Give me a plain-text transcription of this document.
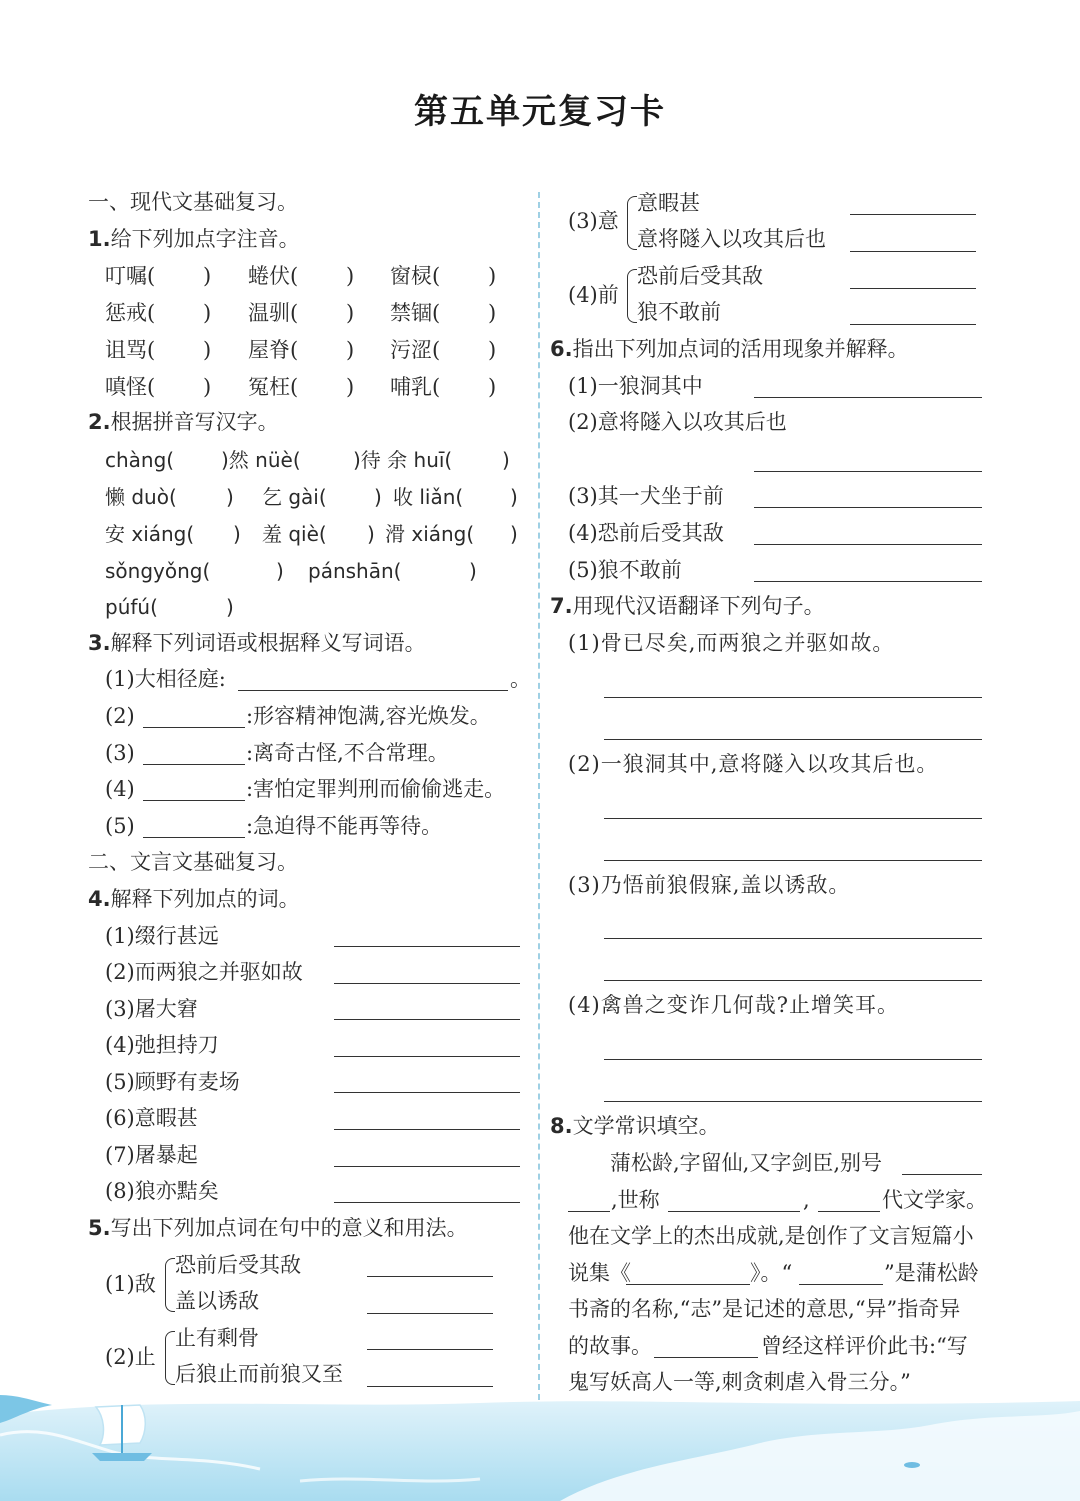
第五单元复习卡
一、现代文基础复习。
1.给下列加点字注音。
叮嘱( ) 蜷伏( ) 窗棂( )
惩戒( ) 温驯( ) 禁锢( )
诅骂( ) 屋脊( ) 污涩( )
嗔怪( ) 冤枉( ) 哺乳( )
2.根据拼音写汉字。
chàng( )然 nüè(	)待 余 huī( )
懒 duò( ) 乞 gài( ) 收 liǎn( )
安 xiáng( ) 羞 qiè( ) 滑 xiáng( )
sǒngyǒng(	) pánshān(	)
púfú(	)
3.解释下列词语或根据释义写词语。
(1)大相径庭:	。
(2)	:形容精神饱满,容光焕发。
(3)	:离奇古怪,不合常理。
(4)	:害怕定罪判刑而偷偷逃走。
(5)	:急迫得不能再等待。
二、文言文基础复习。
4.解释下列加点的词。
(1)缀行甚远
(2)而两狼之并驱如故
(3)屠大窘
(4)弛担持刀
(5)顾野有麦场
(6)意暇甚
(7)屠暴起
(8)狼亦黠矣
5.写出下列加点词在句中的意义和用法。
(1)敌
恐前后受其敌
盖以诱敌
(2)止
止有剩骨
后狼止而前狼又至
(3)意
意暇甚
意将隧入以攻其后也
(4)前
恐前后受其敌
狼不敢前
6.指出下列加点词的活用现象并解释。
(1)一狼洞其中
(2)意将隧入以攻其后也
(3)其一犬坐于前
(4)恐前后受其敌
(5)狼不敢前
7.用现代汉语翻译下列句子。
(1)骨已尽矣,而两狼之并驱如故。
(2)一狼洞其中,意将隧入以攻其后也。
(3)乃悟前狼假寐,盖以诱敌。
(4)禽兽之变诈几何哉?止增笑耳。
8.文学常识填空。
蒲松龄,字留仙,又字剑臣,别号
,世称	,	代文学家。
他在文学上的杰出成就,是创作了文言短篇小
说集《	》。“	”是蒲松龄
书斋的名称,“志”是记述的意思,“异”指奇异
的故事。	曾经这样评价此书:“写
鬼写妖高人一等,刺贪刺虐入骨三分。”
